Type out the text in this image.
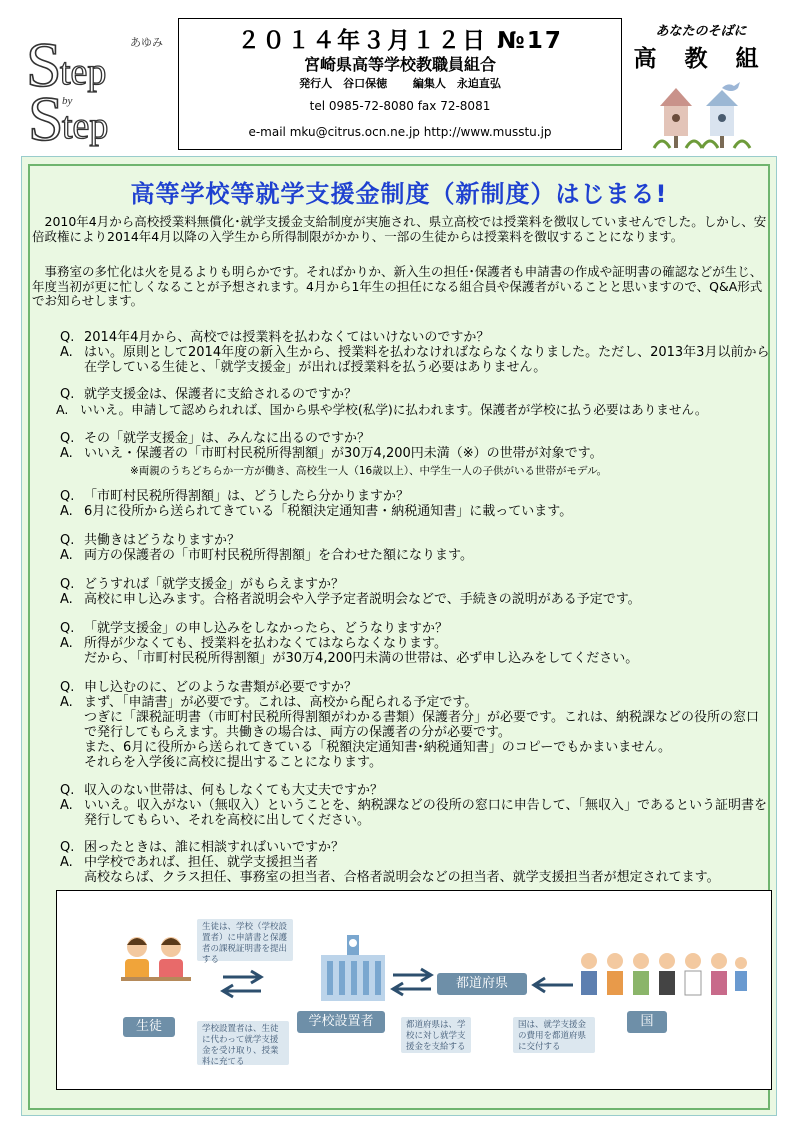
S
tep
S
tep
by
あゆみ	２０１４年３月１２日 №17
宮崎県高等学校教職員組合
発行人　谷口保徳　　 編集人　永迫直弘
tel 0985-72-8080 fax 72-8081
e-mail mku@citrus.ocn.ne.jp http://www.musstu.jp
あなたのそばに
高 教 組
高等学校等就学支援金制度（新制度）はじまる!
　2010年4月から高校授業料無償化･就学支援金支給制度が実施され、県立高校では授業料を徴収していませんでした。しかし、安倍政権により2014年4月以降の入学生から所得制限がかかり、一部の生徒からは授業料を徴収することになります。
　事務室の多忙化は火を見るよりも明らかです。そればかりか、新入生の担任･保護者も申請書の作成や証明書の確認などが生じ、年度当初が更に忙しくなることが予想されます。4月から1年生の担任になる組合員や保護者がいることと思いますので、Q&A形式でお知らせします。
Q. 2014年4月から、高校では授業料を払わなくてはいけないのですか？
A. はい。原則として2014年度の新入生から、授業料を払わなければならなくなりました。ただし、2013年3月以前から在学している生徒と、「就学支援金」が出れば授業料を払う必要はありません。
Q. 就学支援金は、保護者に支給されるのですか？
A. いいえ。申請して認められれば、国から県や学校(私学)に払われます。保護者が学校に払う必要はありません。
Q. その「就学支援金」は、みんなに出るのですか？
A. いいえ・保護者の「市町村民税所得割額」が30万4,200円未満（※）の世帯が対象です。
※両親のうちどちらか一方が働き、高校生一人（16歳以上）、中学生一人の子供がいる世帯がモデル。
Q. 「市町村民税所得割額」は、どうしたら分かりますか？
A. 6月に役所から送られてきている「税額決定通知書・納税通知書」に載っています。
Q. 共働きはどうなりますか？
A. 両方の保護者の「市町村民税所得割額」を合わせた額になります。
Q. どうすれば「就学支援金」がもらえますか？
A. 高校に申し込みます。合格者説明会や入学予定者説明会などで、手続きの説明がある予定です。
Q. 「就学支援金」の申し込みをしなかったら、どうなりますか？
A. 所得が少なくても、授業料を払わなくてはならなくなります。
だから、「市町村民税所得割額」が30万4,200円未満の世帯は、必ず申し込みをしてください。
Q. 申し込むのに、どのような書類が必要ですか？
A. まず、「申請書」が必要です。これは、高校から配られる予定です。
つぎに「課税証明書（市町村民税所得割額がわかる書類）保護者分」が必要です。これは、納税課などの役所の窓口で発行してもらえます。共働きの場合は、両方の保護者の分が必要です。
また、6月に役所から送られてきている「税額決定通知書･納税通知書」のコピーでもかまいません。
それらを入学後に高校に提出することになります。
Q. 収入のない世帯は、何もしなくても大丈夫ですか？
A. いいえ。収入がない（無収入）ということを、納税課などの役所の窓口に申告して、「無収入」であるという証明書を発行してもらい、それを高校に出してください。
Q. 困ったときは、誰に相談すればいいですか？
A. 中学校であれば、担任、就学支援担当者
高校ならば、クラス担任、事務室の担当者、合格者説明会などの担当者、就学支援担当者が想定されてます。
生徒	学校設置者
都道府県
国
生徒は、学校（学校設置者）に申請書と保護者の課税証明書を提出する
学校設置者は、生徒に代わって就学支援金を受け取り、授業料に充てる
都道府県は、学校に対し就学支援金を支給する
国は、就学支援金の費用を都道府県に交付する
